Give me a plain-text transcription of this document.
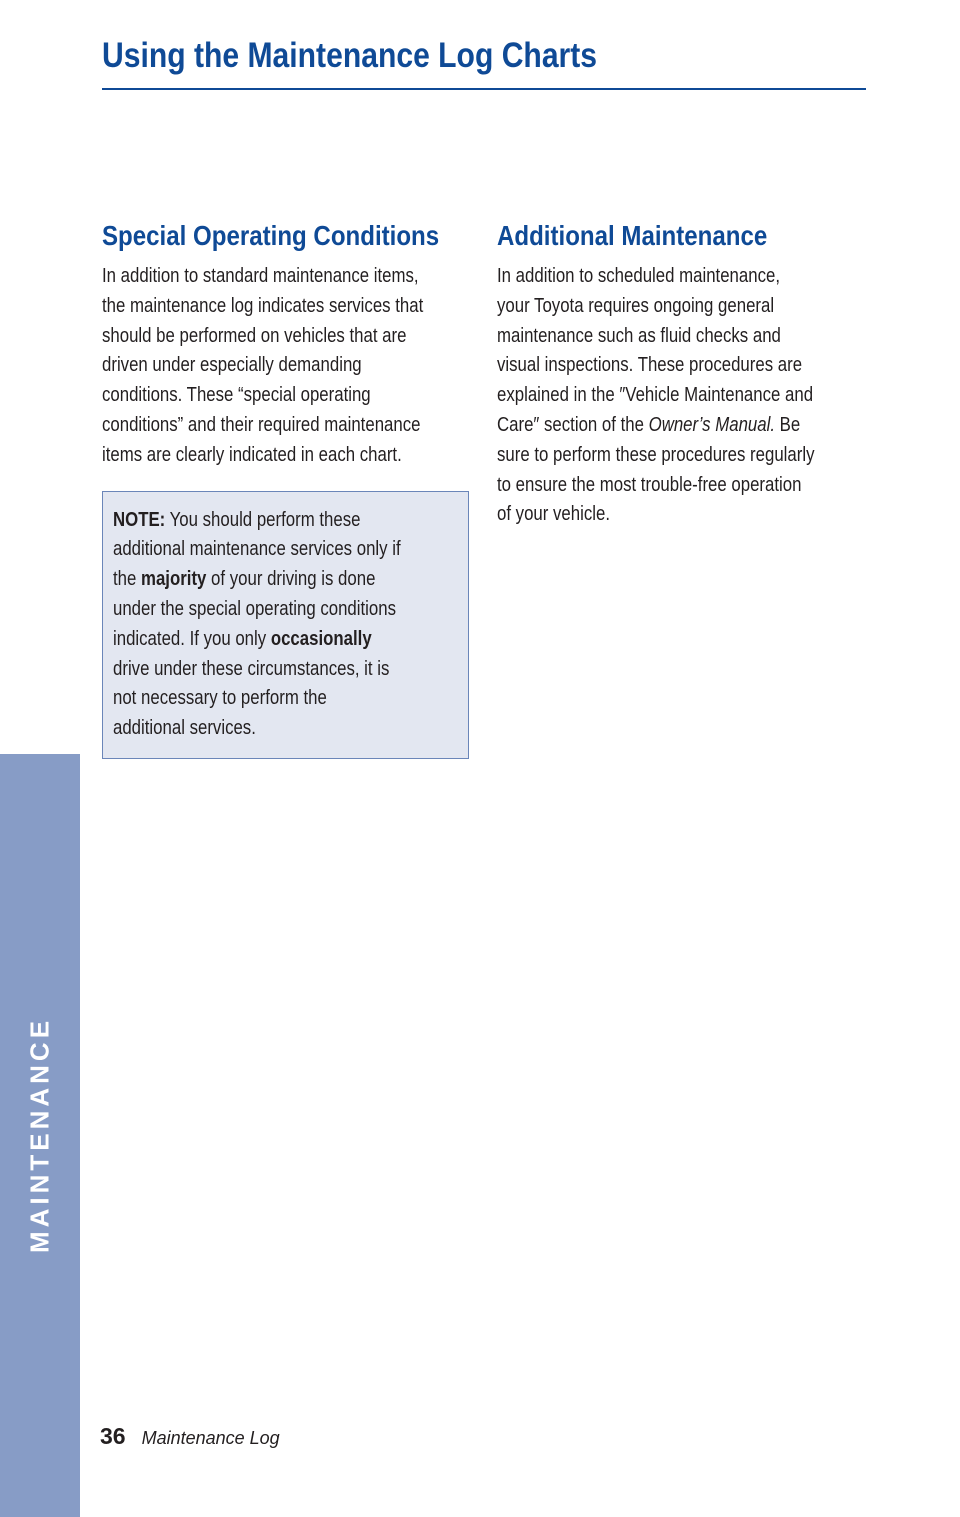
Using the Maintenance Log Charts
Special Operating Conditions

In addition to standard maintenance items,

the maintenance log indicates services that

should be performed on vehicles that are

driven under especially demanding

conditions. These “special operating

conditions” and their required maintenance

items are clearly indicated in each chart.

NOTE: You should perform these

additional maintenance services only if

the majority of your driving is done

under the special operating conditions

indicated. If you only occasionally

drive under these circumstances, it is

not necessary to perform the

additional services.

Additional Maintenance

In addition to scheduled maintenance,

your Toyota requires ongoing general

maintenance such as fluid checks and

visual inspections. These procedures are

explained in the ″Vehicle Maintenance and

Care″ section of the Owner’s Manual. Be

sure to perform these procedures regularly

to ensure the most trouble-free operation

of your vehicle.

MAINTENANCE

36 Maintenance Log
